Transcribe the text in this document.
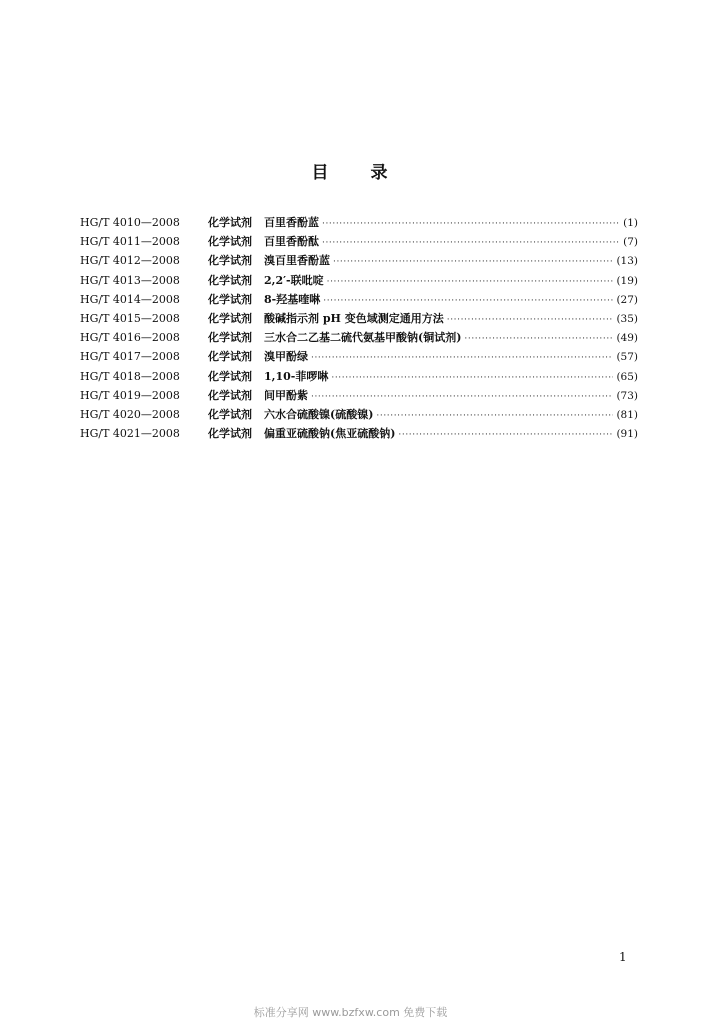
目 录
HG/T 4010—2008	化学试剂	百里香酚蓝 ·····	(1)
HG/T 4011—2008	化学试剂	百里香酚酞 ·····	(7)
HG/T 4012—2008	化学试剂	溴百里香酚蓝 ·····	(13)
HG/T 4013—2008	化学试剂	2,2′-联吡啶 ·····	(19)
HG/T 4014—2008	化学试剂	8-羟基喹啉 ·····	(27)
HG/T 4015—2008	化学试剂	酸碱指示剂 pH 变色域测定通用方法 ·····	(35)
HG/T 4016—2008	化学试剂	三水合二乙基二硫代氨基甲酸钠(铜试剂) ·····	(49)
HG/T 4017—2008	化学试剂	溴甲酚绿 ·····	(57)
HG/T 4018—2008	化学试剂	1,10-菲啰啉 ·····	(65)
HG/T 4019—2008	化学试剂	间甲酚紫 ·····	(73)
HG/T 4020—2008	化学试剂	六水合硫酸镍(硫酸镍) ·····	(81)
HG/T 4021—2008	化学试剂	偏重亚硫酸钠(焦亚硫酸钠) ·····	(91)
1
标准分享网 www.bzfxw.com 免费下载
